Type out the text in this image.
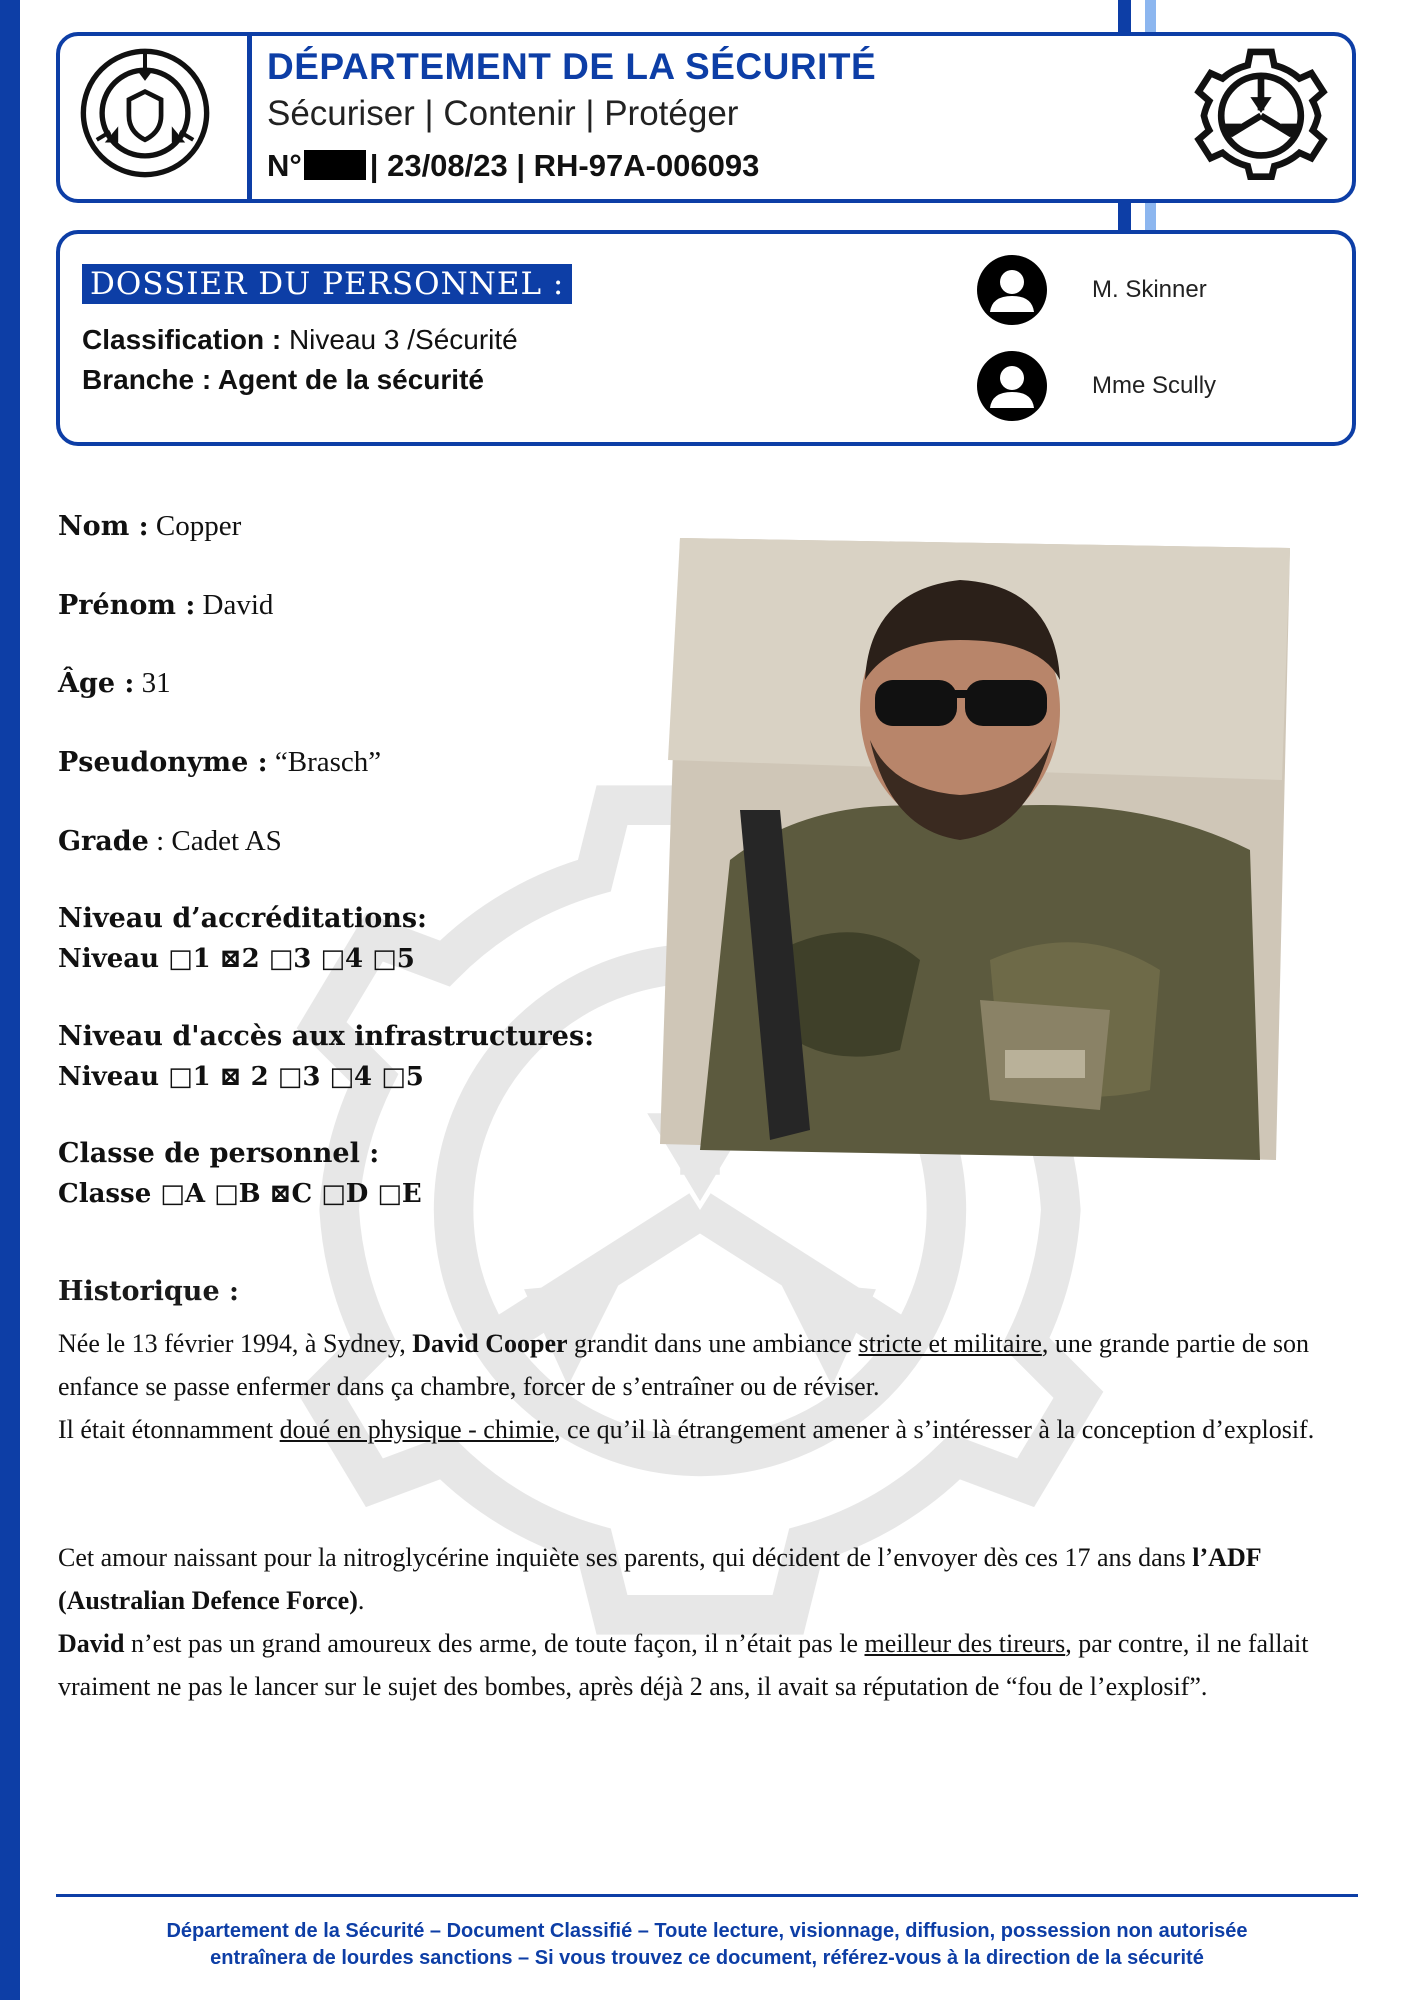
DÉPARTEMENT DE LA SÉCURITÉ
Sécuriser | Contenir | Protéger
N° | 23/08/23 | RH-97A-006093
DOSSIER DU PERSONNEL :
Classification : Niveau 3 /Sécurité
Branche : Agent de la sécurité
M. Skinner
Mme Scully
Nom : Copper
Prénom : David
Âge : 31
Pseudonyme : “Brasch”
Grade : Cadet AS
Niveau d’accréditations:
Niveau □1 ⊠2 □3 □4 □5
Niveau d'accès aux infrastructures:
Niveau □1 ⊠ 2 □3 □4 □5
Classe de personnel :
Classe □A □B ⊠C □D □E
Historique :

Née le 13 février 1994, à Sydney, David Cooper grandit dans une ambiance stricte et militaire, une grande partie de son enfance se passe enfermer dans ça chambre, forcer de s’entraîner ou de réviser.

Il était étonnamment doué en physique - chimie, ce qu’il là étrangement amener à s’intéresser à la conception d’explosif.

Cet amour naissant pour la nitroglycérine inquiète ses parents, qui décident de l’envoyer dès ces 17 ans dans l’ADF (Australian Defence Force).

David n’est pas un grand amoureux des arme, de toute façon, il n’était pas le meilleur des tireurs, par contre, il ne fallait vraiment ne pas le lancer sur le sujet des bombes, après déjà 2 ans, il avait sa réputation de “fou de l’explosif”.

Département de la Sécurité – Document Classifié – Toute lecture, visionnage, diffusion, possession non autorisée
entraînera de lourdes sanctions – Si vous trouvez ce document, référez-vous à la direction de la sécurité
